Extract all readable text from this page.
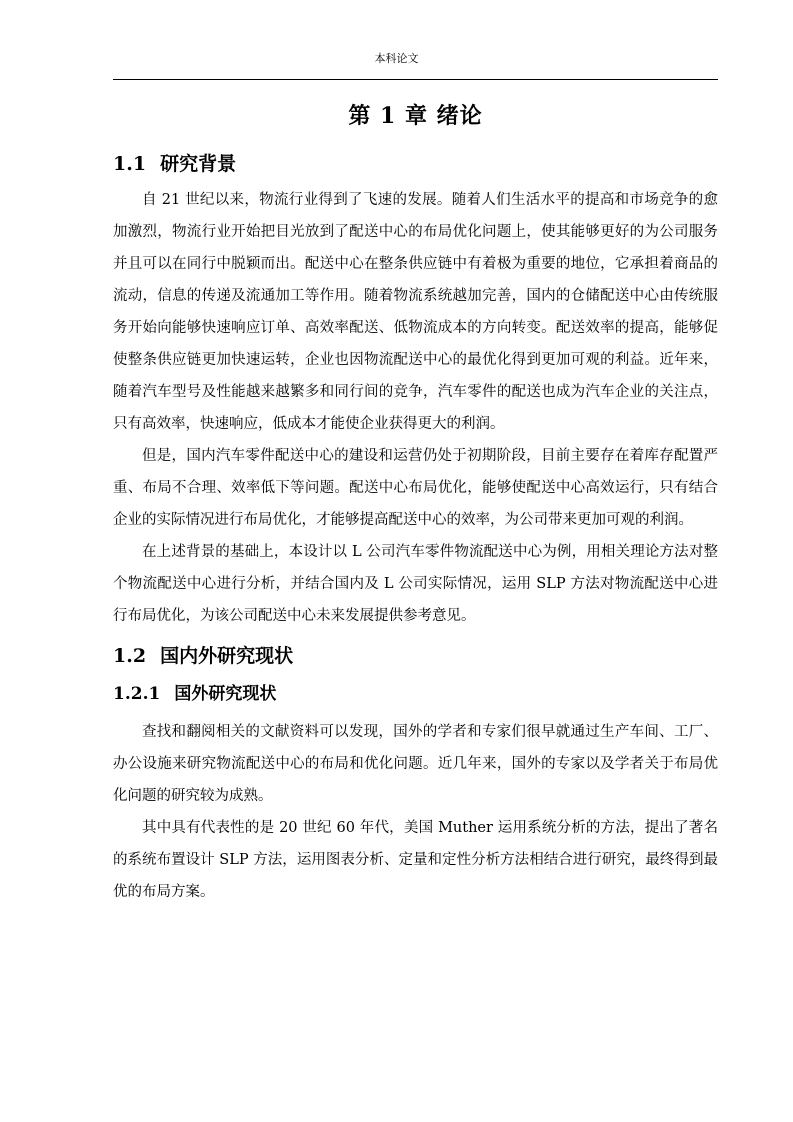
本科论文
第 1 章 绪论
1.1 研究背景

自 21 世纪以来，物流行业得到了飞速的发展。随着人们生活水平的提高和市场竞争的愈加激烈，物流行业开始把目光放到了配送中心的布局优化问题上，使其能够更好的为公司服务并且可以在同行中脱颖而出。配送中心在整条供应链中有着极为重要的地位，它承担着商品的流动，信息的传递及流通加工等作用。随着物流系统越加完善，国内的仓储配送中心由传统服务开始向能够快速响应订单、高效率配送、低物流成本的方向转变。配送效率的提高，能够促使整条供应链更加快速运转，企业也因物流配送中心的最优化得到更加可观的利益。近年来，随着汽车型号及性能越来越繁多和同行间的竞争，汽车零件的配送也成为汽车企业的关注点，只有高效率，快速响应，低成本才能使企业获得更大的利润。

但是，国内汽车零件配送中心的建设和运营仍处于初期阶段，目前主要存在着库存配置严重、布局不合理、效率低下等问题。配送中心布局优化，能够使配送中心高效运行，只有结合企业的实际情况进行布局优化，才能够提高配送中心的效率，为公司带来更加可观的利润。

在上述背景的基础上，本设计以 L 公司汽车零件物流配送中心为例，用相关理论方法对整个物流配送中心进行分析，并结合国内及 L 公司实际情况，运用 SLP 方法对物流配送中心进行布局优化，为该公司配送中心未来发展提供参考意见。

1.2 国内外研究现状
1.2.1 国外研究现状

查找和翻阅相关的文献资料可以发现，国外的学者和专家们很早就通过生产车间、工厂、办公设施来研究物流配送中心的布局和优化问题。近几年来，国外的专家以及学者关于布局优化问题的研究较为成熟。

其中具有代表性的是 20 世纪 60 年代，美国 Muther 运用系统分析的方法，提出了著名的系统布置设计 SLP 方法，运用图表分析、定量和定性分析方法相结合进行研究，最终得到最优的布局方案。
